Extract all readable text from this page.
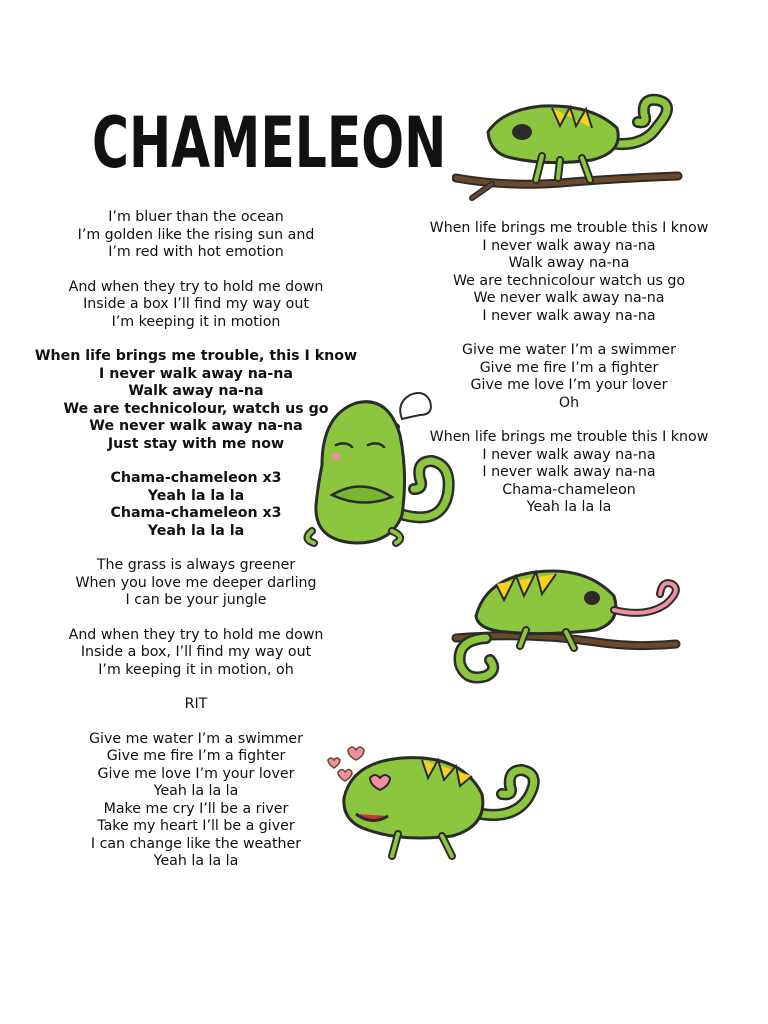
CHAMELEON
I’m bluer than the ocean
I’m golden like the rising sun and
I’m red with hot emotion
And when they try to hold me down
Inside a box I’ll find my way out
I’m keeping it in motion
When life brings me trouble, this I know
I never walk away na-na
Walk away na-na
We are technicolour, watch us go
We never walk away na-na
Just stay with me now
Chama-chameleon x3
Yeah la la la
Chama-chameleon x3
Yeah la la la
The grass is always greener
When you love me deeper darling
I can be your jungle
And when they try to hold me down
Inside a box, I’ll find my way out
I’m keeping it in motion, oh
RIT
Give me water I’m a swimmer
Give me fire I’m a fighter
Give me love I’m your lover
Yeah la la la
Make me cry I’ll be a river
Take my heart I’ll be a giver
I can change like the weather
Yeah la la la
When life brings me trouble this I know
I never walk away na-na
Walk away na-na
We are technicolour watch us go
We never walk away na-na
I never walk away na-na
Give me water I’m a swimmer
Give me fire I’m a fighter
Give me love I’m your lover
Oh
When life brings me trouble this I know
I never walk away na-na
I never walk away na-na
Chama-chameleon
Yeah la la la
